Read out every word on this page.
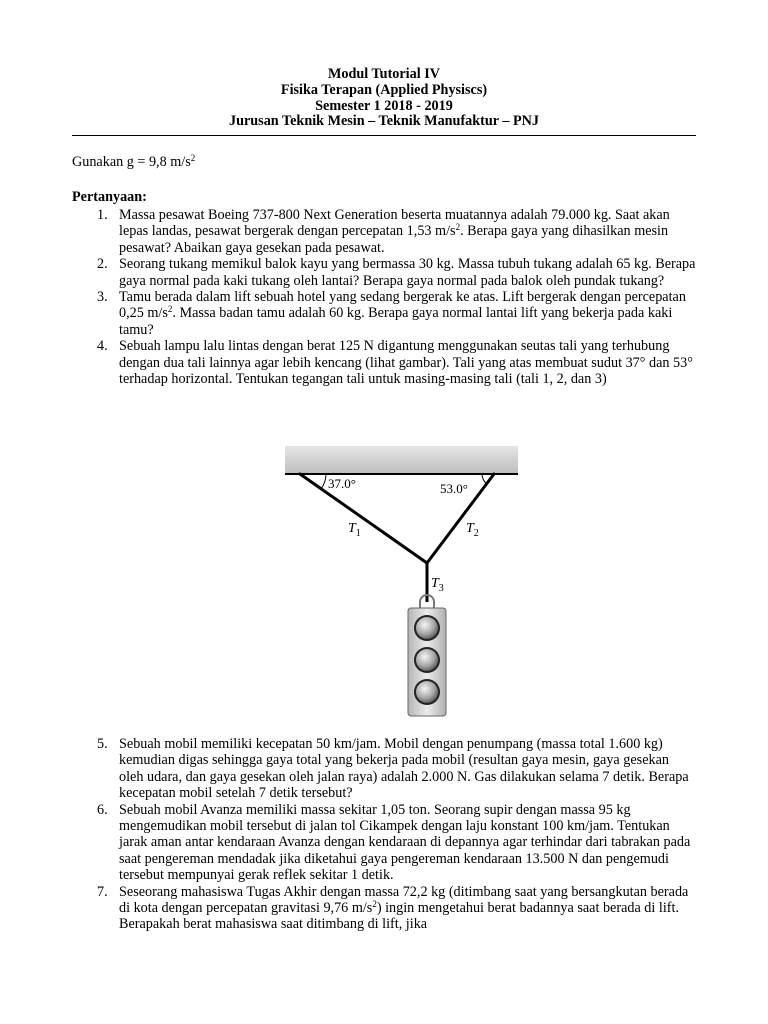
Modul Tutorial IV
Fisika Terapan (Applied Physiscs)
Semester 1 2018 - 2019
Jurusan Teknik Mesin – Teknik Manufaktur – PNJ
Gunakan g = 9,8 $m/s^2$
Pertanyaan:
1. Massa pesawat Boeing 737-800 Next Generation beserta muatannya adalah 79.000 kg. Saat akan lepas landas, pesawat bergerak dengan percepatan 1,53 $m/s^2$. Berapa gaya yang dihasilkan mesin pesawat? Abaikan gaya gesekan pada pesawat.
2. Seorang tukang memikul balok kayu yang bermassa 30 kg. Massa tubuh tukang adalah 65 kg. Berapa gaya normal pada kaki tukang oleh lantai? Berapa gaya normal pada balok oleh pundak tukang?
3. Tamu berada dalam lift sebuah hotel yang sedang bergerak ke atas. Lift bergerak dengan percepatan 0,25 $m/s^2$. Massa badan tamu adalah 60 kg. Berapa gaya normal lantai lift yang bekerja pada kaki tamu?
4. Sebuah lampu lalu lintas dengan berat 125 N digantung menggunakan seutas tali yang terhubung dengan dua tali lainnya agar lebih kencang (lihat gambar). Tali yang atas membuat sudut 37° dan 53° terhadap horizontal. Tentukan tegangan tali untuk masing-masing tali (tali 1, 2, dan 3)
37.0°	53.0°
$T_1$	$T_2$
$T_3$
5. Sebuah mobil memiliki kecepatan 50 km/jam. Mobil dengan penumpang (massa total 1.600 kg) kemudian digas sehingga gaya total yang bekerja pada mobil (resultan gaya mesin, gaya gesekan oleh udara, dan gaya gesekan oleh jalan raya) adalah 2.000 N. Gas dilakukan selama 7 detik. Berapa kecepatan mobil setelah 7 detik tersebut?
6. Sebuah mobil Avanza memiliki massa sekitar 1,05 ton. Seorang supir dengan massa 95 kg mengemudikan mobil tersebut di jalan tol Cikampek dengan laju konstant 100 km/jam. Tentukan jarak aman antar kendaraan Avanza dengan kendaraan di depannya agar terhindar dari tabrakan pada saat pengereman mendadak jika diketahui gaya pengereman kendaraan 13.500 N dan pengemudi tersebut mempunyai gerak reflek sekitar 1 detik.
7. Seseorang mahasiswa Tugas Akhir dengan massa 72,2 kg (ditimbang saat yang bersangkutan berada di kota dengan percepatan gravitasi 9,76 $m/s^2$) ingin mengetahui berat badannya saat berada di lift. Berapakah berat mahasiswa saat ditimbang di lift, jika
